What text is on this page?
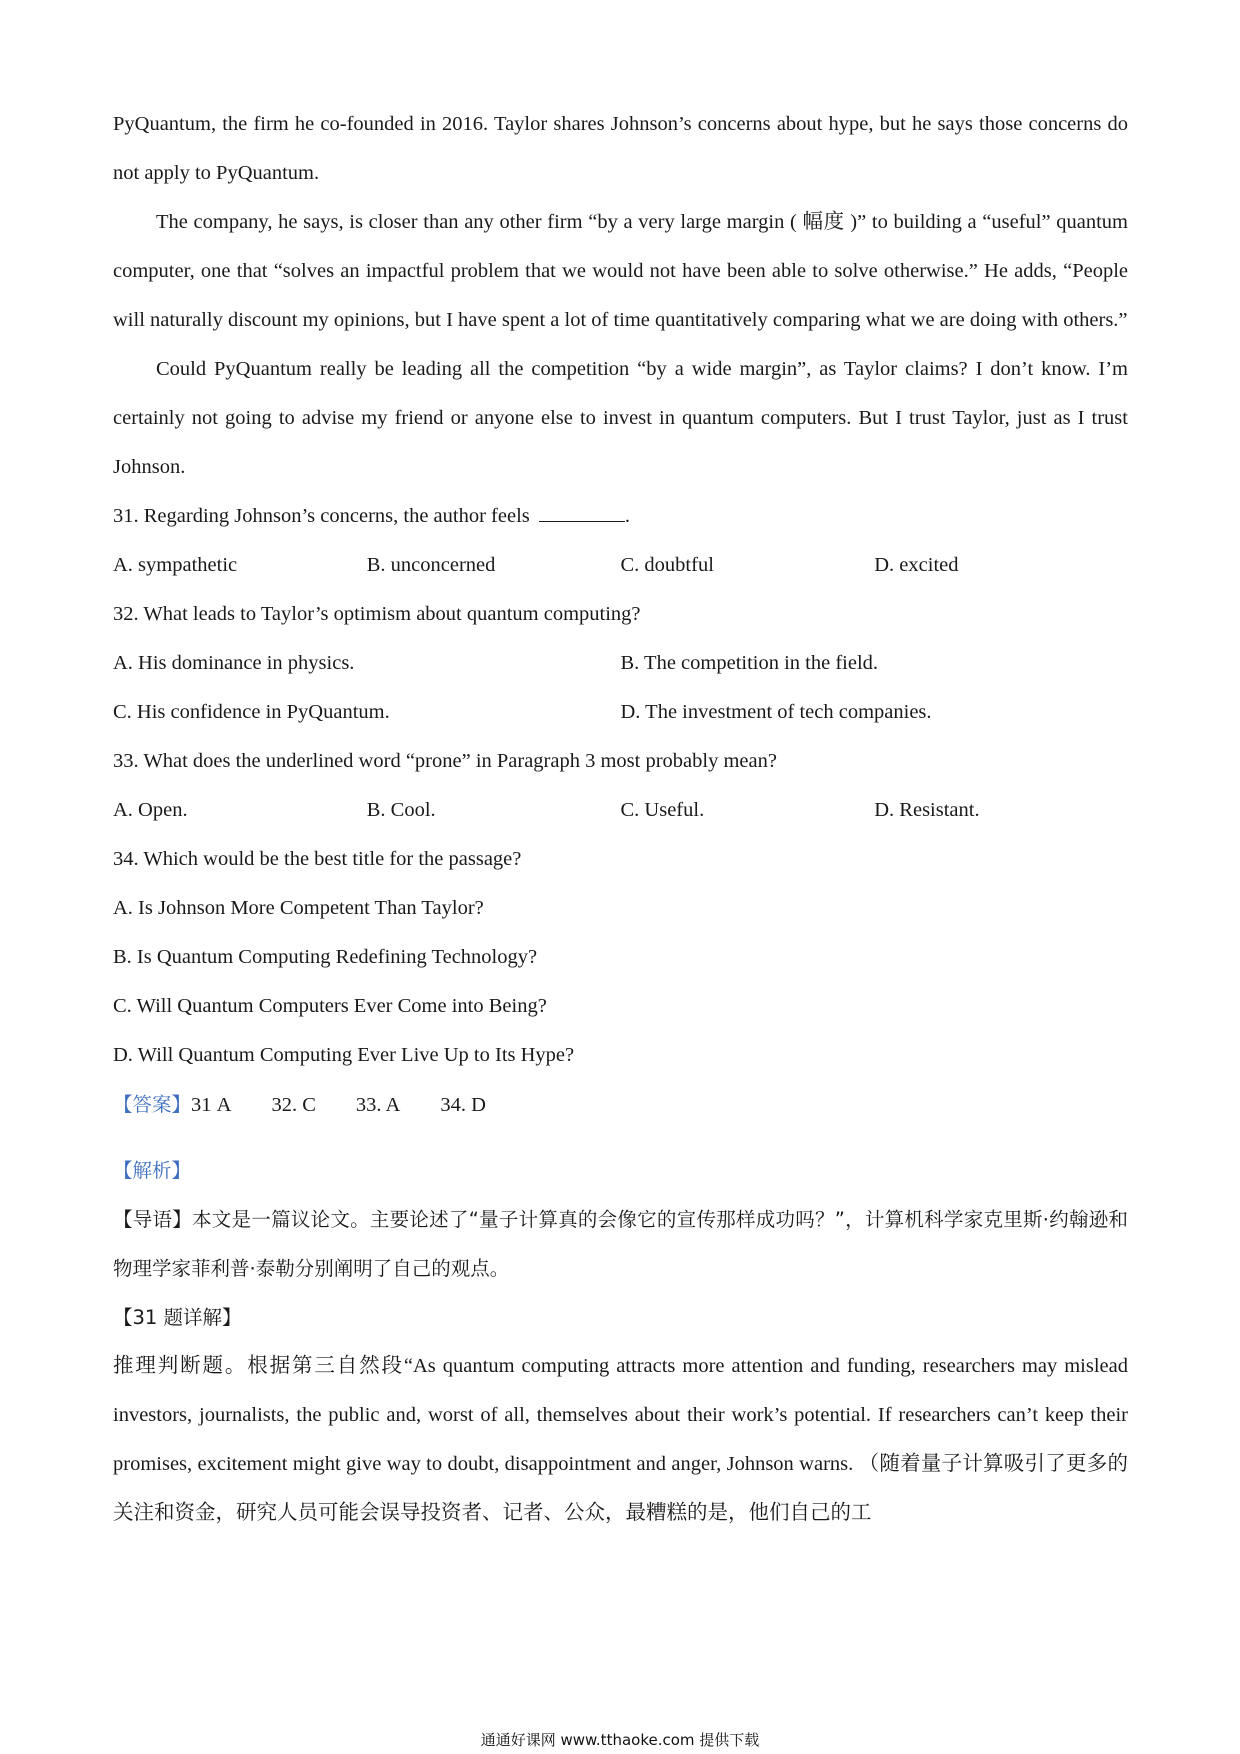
PyQuantum, the firm he co-founded in 2016. Taylor shares Johnson’s concerns about hype, but he says those concerns do not apply to PyQuantum.

The company, he says, is closer than any other firm “by a very large margin ( 幅度 )” to building a “useful” quantum computer, one that “solves an impactful problem that we would not have been able to solve otherwise.” He adds, “People will naturally discount my opinions, but I have spent a lot of time quantitatively comparing what we are doing with others.”

Could PyQuantum really be leading all the competition “by a wide margin”, as Taylor claims? I don’t know. I’m certainly not going to advise my friend or anyone else to invest in quantum computers. But I trust Taylor, just as I trust Johnson.

31. Regarding Johnson’s concerns, the author feels	.

A. sympathetic	B. unconcerned	C. doubtful	D. excited

32. What leads to Taylor’s optimism about quantum computing?

A. His dominance in physics.	B. The competition in the field.
C. His confidence in PyQuantum.	D. The investment of tech companies.

33. What does the underlined word “prone” in Paragraph 3 most probably mean?

A. Open.	B. Cool.	C. Useful.	D. Resistant.

34. Which would be the best title for the passage?

A. Is Johnson More Competent Than Taylor?

B. Is Quantum Computing Redefining Technology?

C. Will Quantum Computers Ever Come into Being?

D. Will Quantum Computing Ever Live Up to Its Hype?

【答案】31 A 32. C 33. A 34. D

【解析】

【导语】本文是一篇议论文。主要论述了“量子计算真的会像它的宣传那样成功吗？”，计算机科学家克里斯·约翰逊和物理学家菲利普·泰勒分别阐明了自己的观点。

【31 题详解】

推理判断题。根据第三自然段“As quantum computing attracts more attention and funding, researchers may mislead investors, journalists, the public and, worst of all, themselves about their work’s potential. If researchers can’t keep their promises, excitement might give way to doubt, disappointment and anger, Johnson warns. （随着量子计算吸引了更多的关注和资金，研究人员可能会误导投资者、记者、公众，最糟糕的是，他们自己的工

通通好课网 www.tthaoke.com 提供下载
